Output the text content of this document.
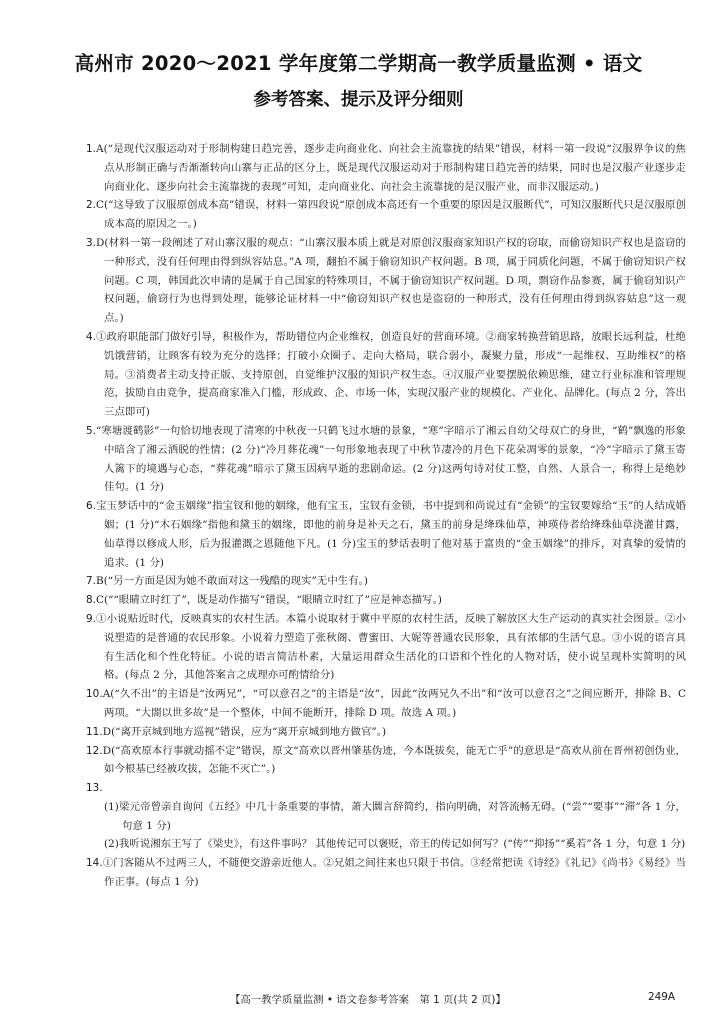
高州市 2020～2021 学年度第二学期高一教学质量监测 • 语文
参考答案、提示及评分细则

1.A(“是现代汉服运动对于形制构建日趋完善，逐步走向商业化、向社会主流靠拢的结果”错误，材料一第一段说“汉服界争议的焦点从形制正确与否渐渐转向山寨与正品的区分上，既是现代汉服运动对于形制构建日趋完善的结果，同时也是汉服产业逐步走向商业化、逐步向社会主流靠拢的表现”可知，走向商业化、向社会主流靠拢的是汉服产业，而非汉服运动。)

2.C(“这导致了汉服原创成本高”错误，材料一第四段说“原创成本高还有一个重要的原因是汉服断代”，可知汉服断代只是汉服原创成本高的原因之一。)

3.D(材料一第一段阐述了对山寨汉服的观点：“山寨汉服本质上就是对原创汉服商家知识产权的窃取，而偷窃知识产权也是盗窃的一种形式，没有任何理由得到纵容姑息。”A 项，翻拍不属于偷窃知识产权问题。B 项，属于同质化问题，不属于偷窃知识产权问题。C 项，韩国此次申请的是属于自己国家的特殊项目，不属于偷窃知识产权问题。D 项，剽窃作品参赛，属于偷窃知识产权问题，偷窃行为也得到处理，能够论证材料一中“偷窃知识产权也是盗窃的一种形式，没有任何理由得到纵容姑息”这一观点。)

4.①政府职能部门做好引导，积极作为，帮助错位内企业维权，创造良好的营商环境。②商家转换营销思路，放眼长远利益，杜绝饥饿营销，让顾客有较为充分的选择；打破小众圈子、走向大格局，联合弱小，凝聚力量，形成“一起维权、互助维权”的格局。③消费者主动支持正版、支持原创，自觉维护汉服的知识产权生态。④汉服产业要摆脱依赖思维，建立行业标准和管理规范，拔励自由竞争，提高商家准入门槛，形成政、企、市场一体，实现汉服产业的规模化、产业化、品牌化。(每点 2 分，答出三点即可)

5.“寒塘渡鹤影”一句恰切地表现了清寒的中秋夜一只鹤飞过水塘的景象，“寒”字暗示了湘云自幼父母双亡的身世，“鹤”飘逸的形象中暗含了湘云洒脱的性情；(2 分)“冷月葬花魂”一句形象地表现了中秋节凄冷的月色下花朵凋零的景象，“冷”字暗示了黛玉寄人篱下的境遇与心态，“葬花魂”暗示了黛玉因病早逝的悲剧命运。(2 分)这两句诗对仗工整，自然、人景合一，称得上是绝妙佳句。(1 分)

6.宝玉梦话中的“金玉姻缘”指宝钗和他的姻缘，他有宝玉，宝钗有金锁，书中提到和尚说过有“金锁”的宝钗要嫁给“玉”的人结成婚姻；(1 分)“木石姻缘”指他和黛玉的姻缘，即他的前身是补天之石，黛玉的前身是绛珠仙草，神瑛侍者给绛珠仙草浇灌甘露，仙草得以修成人形，后为报灌溉之恩随他下凡。(1 分)宝玉的梦话表明了他对基于富贵的“金玉姻缘”的排斥，对真挚的爱情的追求。(1 分)

7.B(“另一方面是因为她不敢面对这一残酷的现实”无中生有。)

8.C(““眼睛立时红了”，既是动作描写”错误，“眼睛立时红了”应是神态描写。)

9.①小说贴近时代，反映真实的农村生活。本篇小说取材于冀中平原的农村生活，反映了解放区大生产运动的真实社会图景。②小说塑造的是普通的农民形象。小说着力塑造了张秋阁、曹蜜田、大妮等普通农民形象，具有浓郁的生活气息。③小说的语言具有生活化和个性化特征。小说的语言简洁朴素，大量运用群众生活化的口语和个性化的人物对话，使小说呈现朴实简明的风格。(每点 2 分，其他答案言之成理亦可酌情给分)

10.A(“久不出”的主语是“汝两兄”，“可以意召之”的主语是“汝”，因此“汝两兄久不出”和“汝可以意召之”之间应断开，排除 B、C 两项。“大閤以世多故”是一个整体，中间不能断开，排除 D 项。故选 A 项。)

11.D(“离开京城到地方巡视”错误，应为“离开京城到地方做官”。)

12.D(“高欢原本行事就动摇不定”错误，原文“高欢以晋州肇基伪迹，今本既拔矣，能无亡乎”的意思是“高欢从前在晋州初创伪业，如今根基已经被攻拔，怎能不灭亡”。)

13.

(1)梁元帝曾亲自询问《五经》中几十条重要的事情，萧大圜言辞简约，指向明确，对答流畅无碍。(“尝”“要事”“滞”各 1 分，句意 1 分)

(2)我听说湘东王写了《梁史》，有这件事吗？ 其他传记可以褒贬，帝王的传记如何写？(“传”“抑扬”“奚若”各 1 分，句意 1 分)

14.①门客随从不过两三人，不随便交游亲近他人。②兄姐之间往来也只限于书信。③经常把读《诗经》《礼记》《尚书》《易经》当作正事。(每点 1 分)

【高一教学质量监测 • 语文卷参考答案　第 1 页(共 2 页)】	249A
